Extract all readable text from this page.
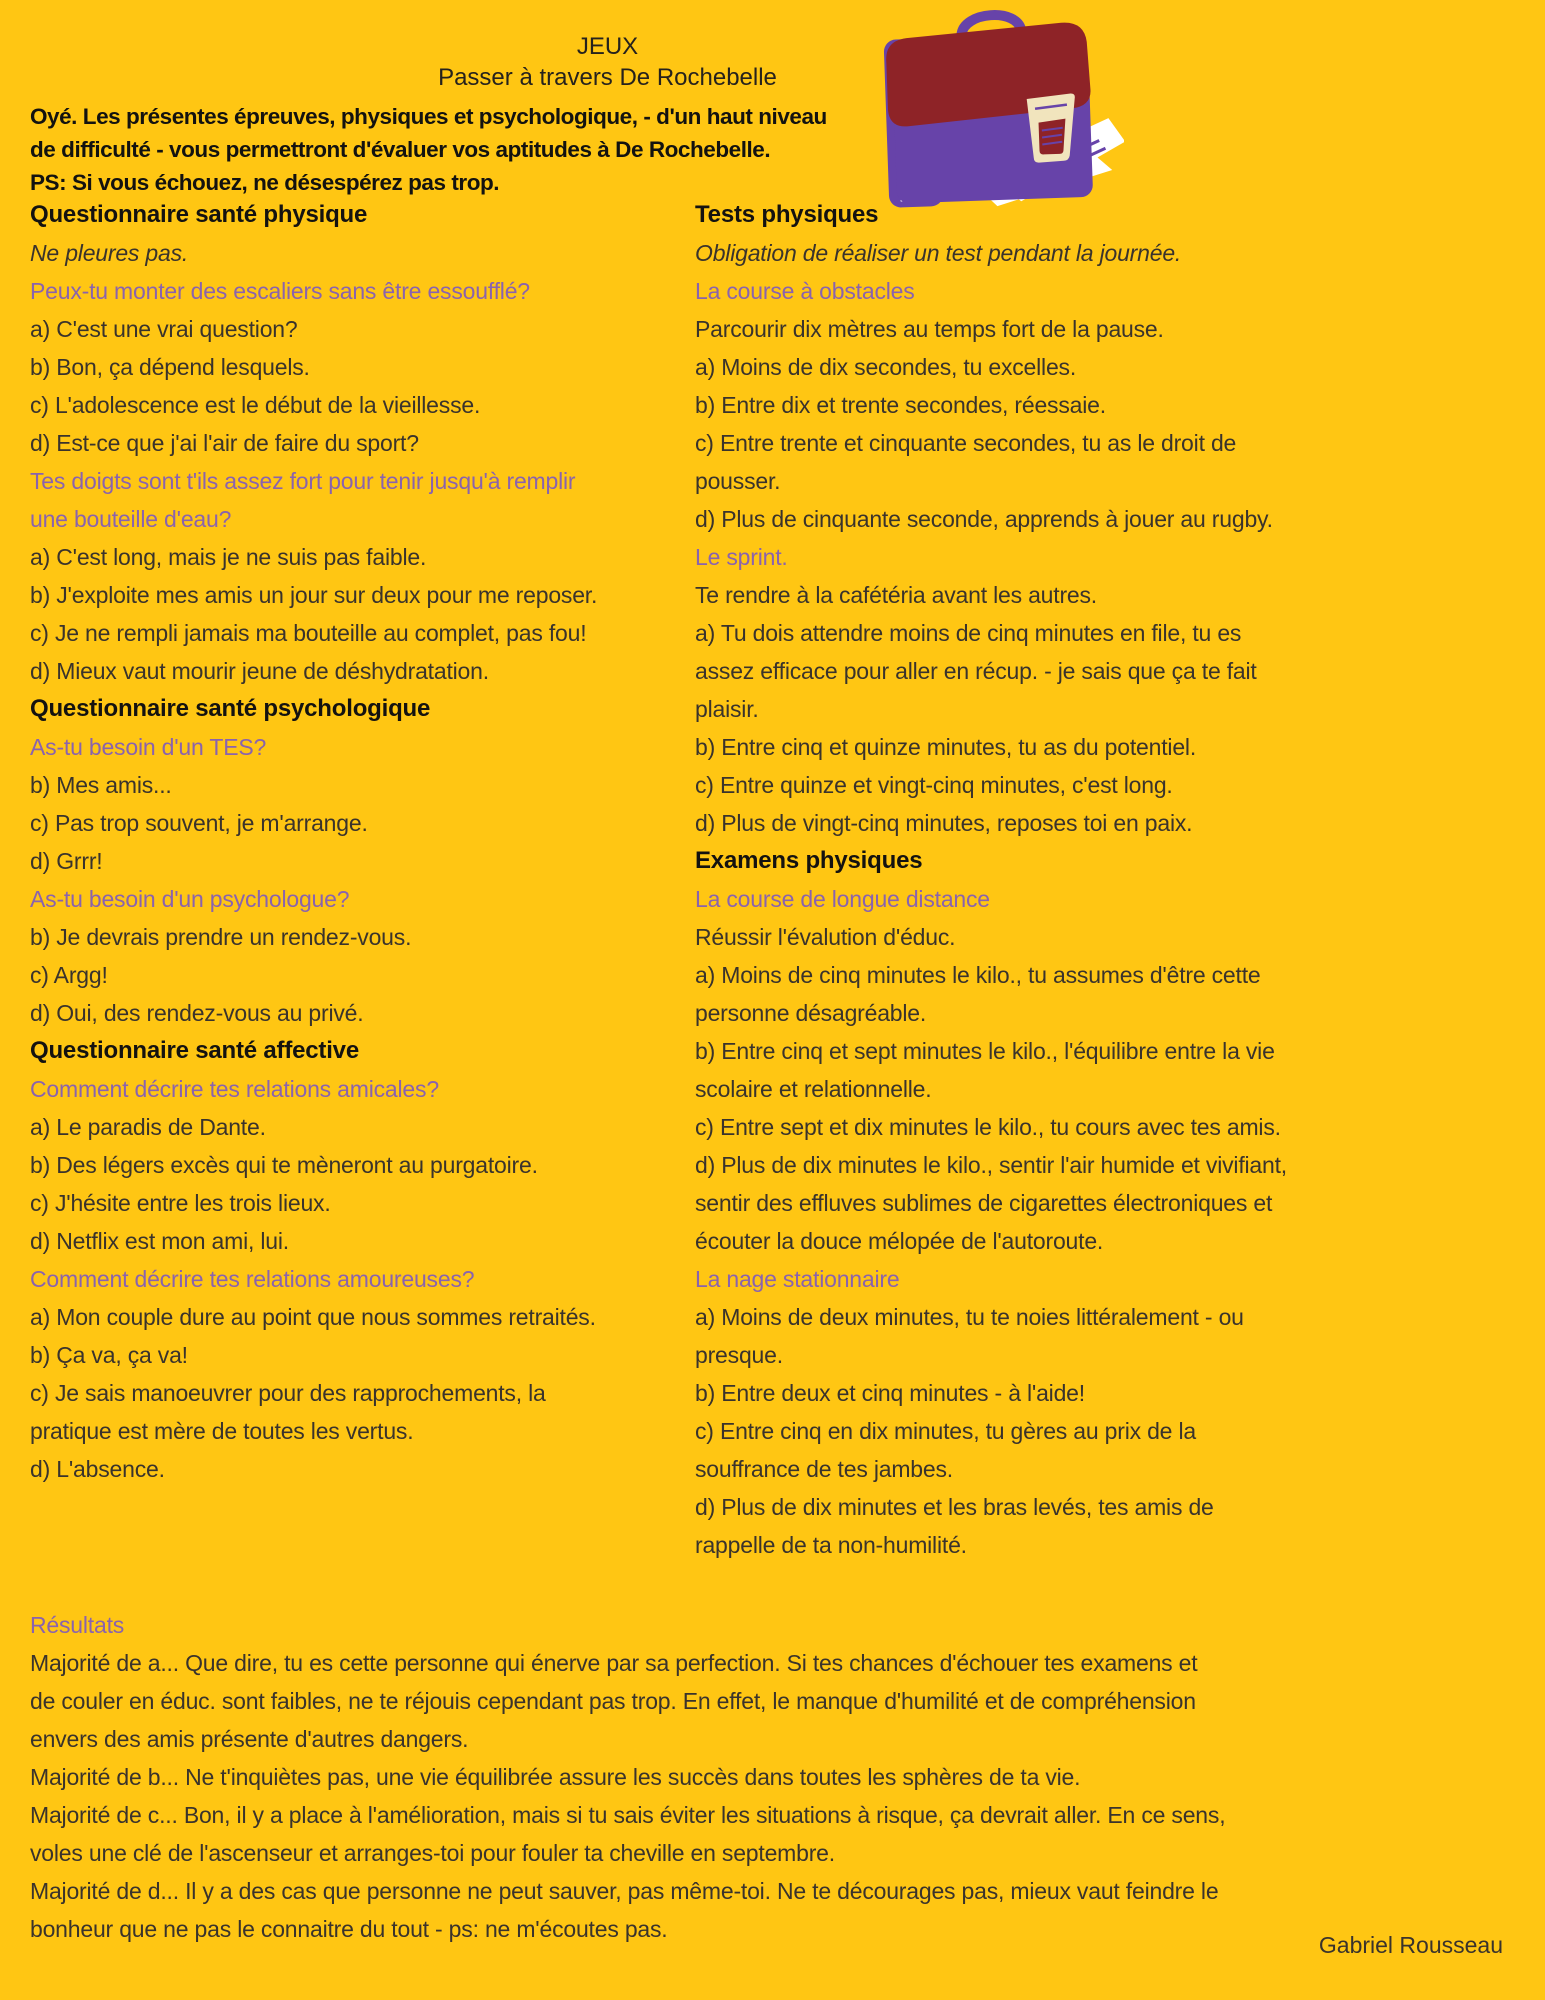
JEUX
Passer à travers De Rochebelle
Oyé. Les présentes épreuves, physiques et psychologique, - d'un haut niveau
de difficulté - vous permettront d'évaluer vos aptitudes à De Rochebelle.
PS: Si vous échouez, ne désespérez pas trop.
Questionnaire santé physique
Ne pleures pas.
Peux-tu monter des escaliers sans être essoufflé?
a) C'est une vrai question?
b) Bon, ça dépend lesquels.
c) L'adolescence est le début de la vieillesse.
d) Est-ce que j'ai l'air de faire du sport?
Tes doigts sont t'ils assez fort pour tenir jusqu'à remplir
une bouteille d'eau?
a) C'est long, mais je ne suis pas faible.
b) J'exploite mes amis un jour sur deux pour me reposer.
c) Je ne rempli jamais ma bouteille au complet, pas fou!
d) Mieux vaut mourir jeune de déshydratation.
Questionnaire santé psychologique
As-tu besoin d'un TES?
b) Mes amis...
c) Pas trop souvent, je m'arrange.
d) Grrr!
As-tu besoin d'un psychologue?
b) Je devrais prendre un rendez-vous.
c) Argg!
d) Oui, des rendez-vous au privé.
Questionnaire santé affective
Comment décrire tes relations amicales?
a) Le paradis de Dante.
b) Des légers excès qui te mèneront au purgatoire.
c) J'hésite entre les trois lieux.
d) Netflix est mon ami, lui.
Comment décrire tes relations amoureuses?
a) Mon couple dure au point que nous sommes retraités.
b) Ça va, ça va!
c) Je sais manoeuvrer pour des rapprochements, la
pratique est mère de toutes les vertus.
d) L'absence.
Tests physiques
Obligation de réaliser un test pendant la journée.
La course à obstacles
Parcourir dix mètres au temps fort de la pause.
a) Moins de dix secondes, tu excelles.
b) Entre dix et trente secondes, réessaie.
c) Entre trente et cinquante secondes, tu as le droit de
pousser.
d) Plus de cinquante seconde, apprends à jouer au rugby.
Le sprint.
Te rendre à la cafétéria avant les autres.
a) Tu dois attendre moins de cinq minutes en file, tu es
assez efficace pour aller en récup. - je sais que ça te fait
plaisir.
b) Entre cinq et quinze minutes, tu as du potentiel.
c) Entre quinze et vingt-cinq minutes, c'est long.
d) Plus de vingt-cinq minutes, reposes toi en paix.
Examens physiques
La course de longue distance
Réussir l'évalution d'éduc.
a) Moins de cinq minutes le kilo., tu assumes d'être cette
personne désagréable.
b) Entre cinq et sept minutes le kilo., l'équilibre entre la vie
scolaire et relationnelle.
c) Entre sept et dix minutes le kilo., tu cours avec tes amis.
d) Plus de dix minutes le kilo., sentir l'air humide et vivifiant,
sentir des effluves sublimes de cigarettes électroniques et
écouter la douce mélopée de l'autoroute.
La nage stationnaire
a) Moins de deux minutes, tu te noies littéralement - ou
presque.
b) Entre deux et cinq minutes - à l'aide!
c) Entre cinq en dix minutes, tu gères au prix de la
souffrance de tes jambes.
d) Plus de dix minutes et les bras levés, tes amis de
rappelle de ta non-humilité.
Résultats
Majorité de a... Que dire, tu es cette personne qui énerve par sa perfection. Si tes chances d'échouer tes examens et
de couler en éduc. sont faibles, ne te réjouis cependant pas trop. En effet, le manque d'humilité et de compréhension
envers des amis présente d'autres dangers.
Majorité de b... Ne t'inquiètes pas, une vie équilibrée assure les succès dans toutes les sphères de ta vie.
Majorité de c... Bon, il y a place à l'amélioration, mais si tu sais éviter les situations à risque, ça devrait aller. En ce sens,
voles une clé de l'ascenseur et arranges-toi pour fouler ta cheville en septembre.
Majorité de d... Il y a des cas que personne ne peut sauver, pas même-toi. Ne te décourages pas, mieux vaut feindre le
bonheur que ne pas le connaitre du tout - ps: ne m'écoutes pas.
Gabriel Rousseau
